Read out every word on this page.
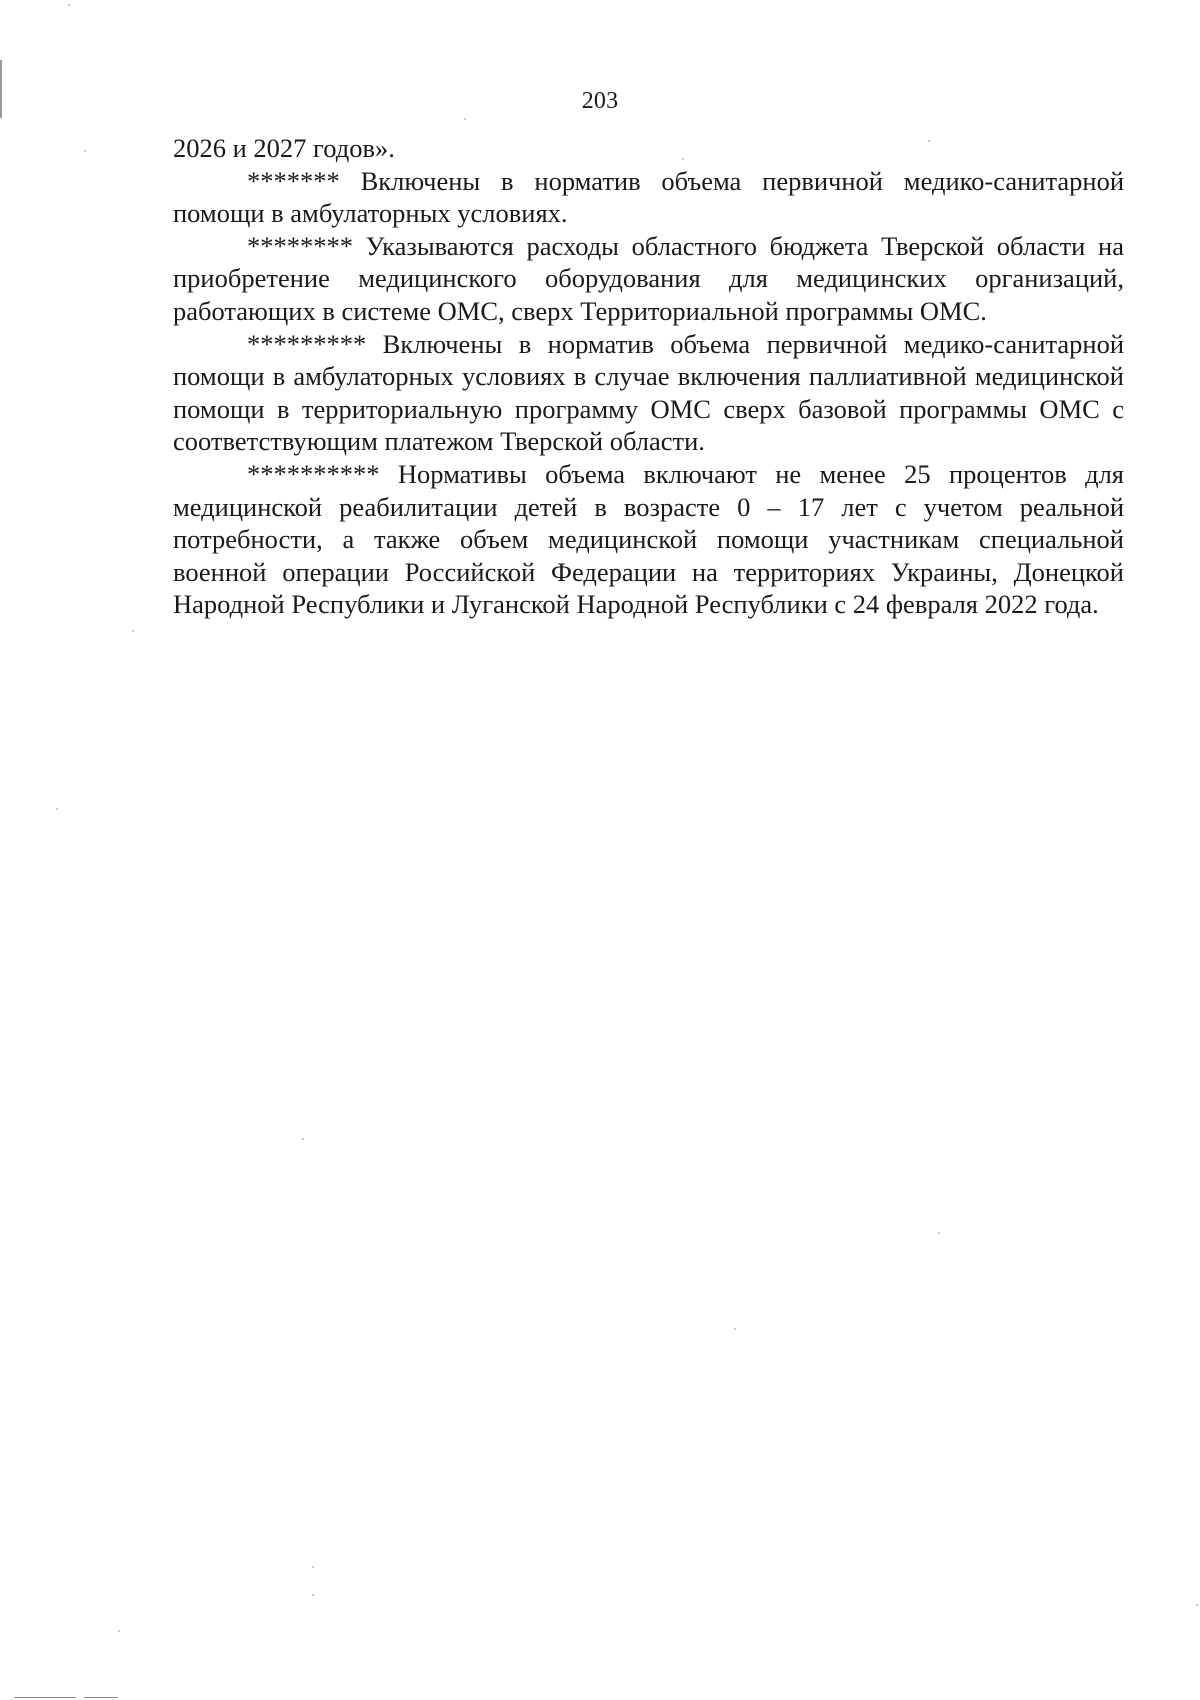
203

2026 и 2027 годов».

******* Включены в норматив объема первичной медико-санитарной помощи в амбулаторных условиях.

******** Указываются расходы областного бюджета Тверской области на приобретение медицинского оборудования для медицинских организаций, работающих в системе ОМС, сверх Территориальной программы ОМС.

********* Включены в норматив объема первичной медико-санитарной помощи в амбулаторных условиях в случае включения паллиативной медицинской помощи в территориальную программу ОМС сверх базовой программы ОМС с соответствующим платежом Тверской области.

********** Нормативы объема включают не менее 25 процентов для медицинской реабилитации детей в возрасте 0 – 17 лет с учетом реальной потребности, а также объем медицинской помощи участникам специальной военной операции Российской Федерации на территориях Украины, Донецкой Народной Республики и Луганской Народной Республики с 24 февраля 2022 года.
